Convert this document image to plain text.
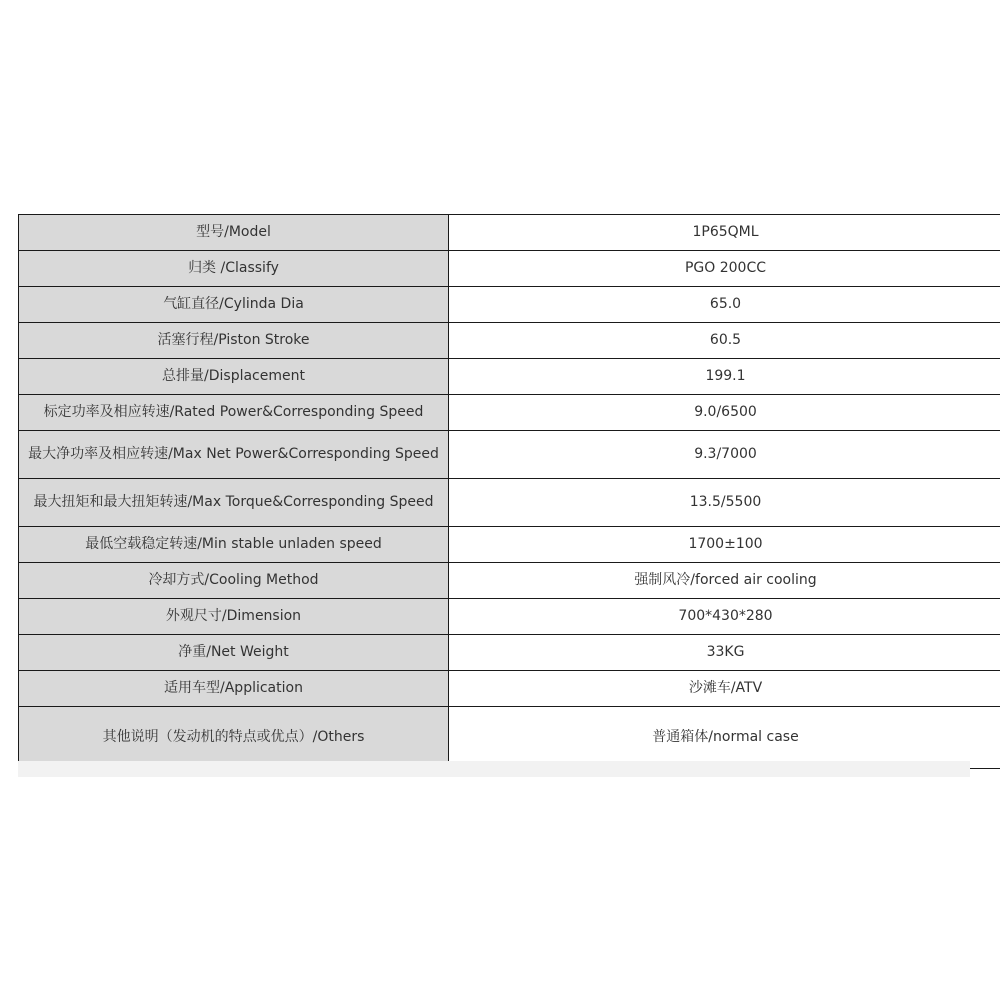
型号/Model	1P65QML
归类 /Classify	PGO 200CC
气缸直径/Cylinda Dia	65.0
活塞行程/Piston Stroke	60.5
总排量/Displacement	199.1
标定功率及相应转速/Rated Power&Corresponding Speed	9.0/6500
最大净功率及相应转速/Max Net Power&Corresponding Speed	9.3/7000
最大扭矩和最大扭矩转速/Max Torque&Corresponding Speed	13.5/5500
最低空载稳定转速/Min stable unladen speed	1700±100
冷却方式/Cooling Method	强制风冷/forced air cooling
外观尺寸/Dimension	700*430*280
净重/Net Weight	33KG
适用车型/Application	沙滩车/ATV
其他说明（发动机的特点或优点）/Others	普通箱体/normal case
